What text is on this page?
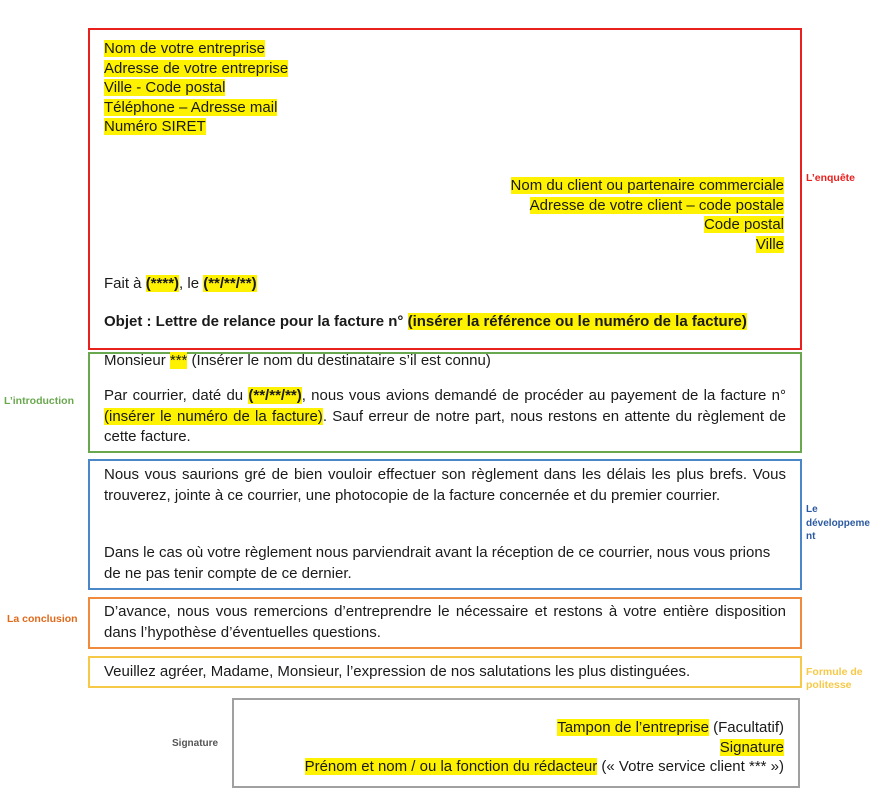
Nom de votre entreprise
Adresse de votre entreprise
Ville - Code postal
Téléphone – Adresse mail
Numéro SIRET
Nom du client ou partenaire commerciale
Adresse de votre client – code postale
Code postal
Ville
Fait à (****), le (**/**/**)
Objet : Lettre de relance pour la facture n° (insérer la référence ou le numéro de la facture)
L’enquête
Monsieur *** (Insérer le nom du destinataire s’il est connu)

Par courrier, daté du (**/**/**), nous vous avions demandé de procéder au payement de la facture n° (insérer le numéro de la facture). Sauf erreur de notre part, nous restons en attente du règlement de cette facture.

L’introduction

Nous vous saurions gré de bien vouloir effectuer son règlement dans les délais les plus brefs. Vous trouverez, jointe à ce courrier, une photocopie de la facture concernée et du premier courrier.

Dans le cas où votre règlement nous parviendrait avant la réception de ce courrier, nous vous prions de ne pas tenir compte de ce dernier.

Le
développeme
nt

D’avance, nous vous remercions d’entreprendre le nécessaire et restons à votre entière disposition dans l’hypothèse d’éventuelles questions.

La conclusion
Veuillez agréer, Madame, Monsieur, l’expression de nos salutations les plus distinguées.	Formule de
politesse
Tampon de l’entreprise (Facultatif)
Signature
Prénom et nom / ou la fonction du rédacteur (« Votre service client *** »)
Signature
